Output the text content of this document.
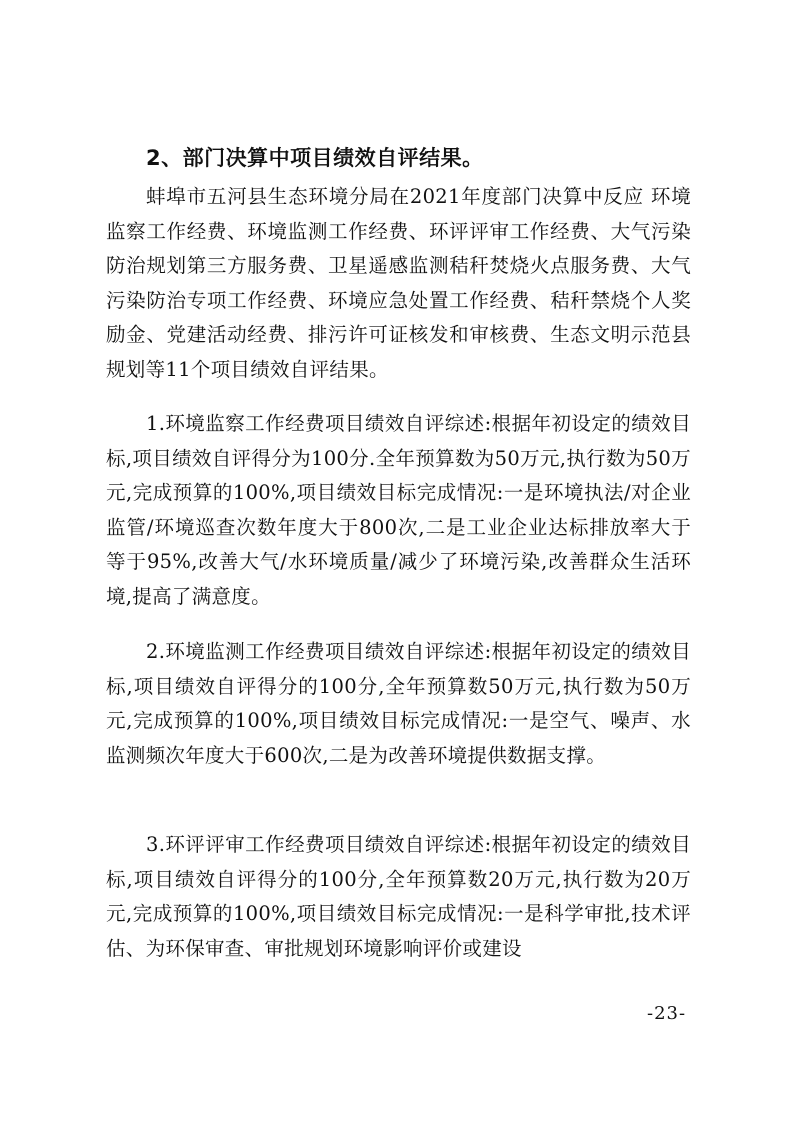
2、部门决算中项目绩效自评结果。
蚌埠市五河县生态环境分局在2021年度部门决算中反应 环境监察工作经费、环境监测工作经费、环评评审工作经费、大气污染防治规划第三方服务费、卫星遥感监测秸秆焚烧火点服务费、大气污染防治专项工作经费、环境应急处置工作经费、秸秆禁烧个人奖励金、党建活动经费、排污许可证核发和审核费、生态文明示范县规划等11个项目绩效自评结果。
1.环境监察工作经费项目绩效自评综述:根据年初设定的绩效目标,项目绩效自评得分为100分.全年预算数为50万元,执行数为50万元,完成预算的100%,项目绩效目标完成情况:一是环境执法/对企业监管/环境巡查次数年度大于800次,二是工业企业达标排放率大于等于95%,改善大气/水环境质量/减少了环境污染,改善群众生活环境,提高了满意度。
2.环境监测工作经费项目绩效自评综述:根据年初设定的绩效目标,项目绩效自评得分的100分,全年预算数50万元,执行数为50万元,完成预算的100%,项目绩效目标完成情况:一是空气、噪声、水监测频次年度大于600次,二是为改善环境提供数据支撑。
3.环评评审工作经费项目绩效自评综述:根据年初设定的绩效目标,项目绩效自评得分的100分,全年预算数20万元,执行数为20万元,完成预算的100%,项目绩效目标完成情况:一是科学审批,技术评估、为环保审查、审批规划环境影响评价或建设
-23-
